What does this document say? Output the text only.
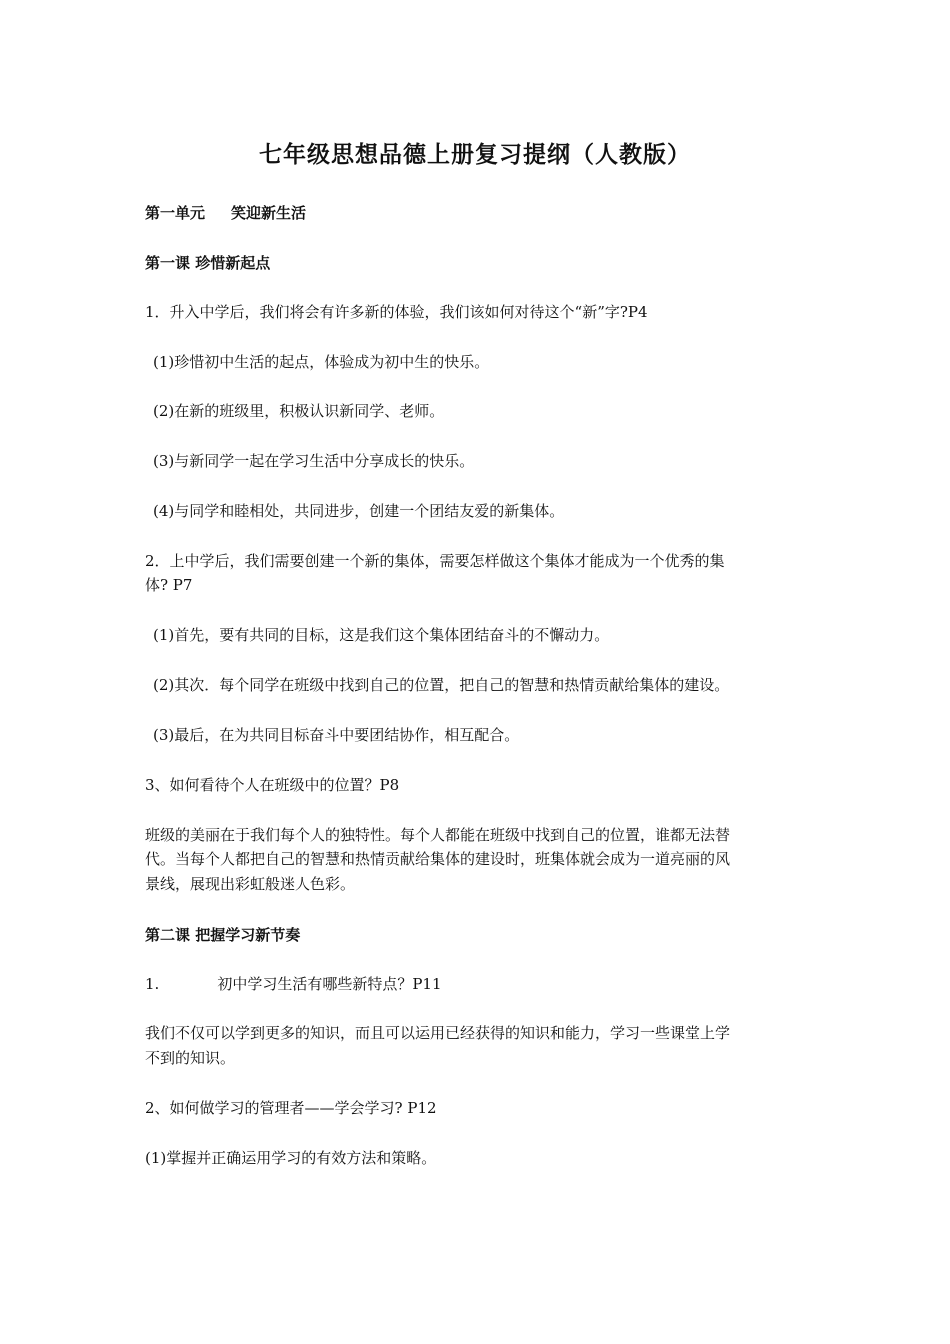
七年级思想品德上册复习提纲（人教版）
第一单元 笑迎新生活
第一课 珍惜新起点
1．升入中学后，我们将会有许多新的体验，我们该如何对待这个“新”字?P4
(1)珍惜初中生活的起点，体验成为初中生的快乐。
(2)在新的班级里，积极认识新同学、老师。
(3)与新同学一起在学习生活中分享成长的快乐。
(4)与同学和睦相处，共同进步，创建一个团结友爱的新集体。
2．上中学后，我们需要创建一个新的集体，需要怎样做这个集体才能成为一个优秀的集
体? P7
(1)首先，要有共同的目标，这是我们这个集体团结奋斗的不懈动力。
(2)其次．每个同学在班级中找到自己的位置，把自己的智慧和热情贡献给集体的建设。
(3)最后，在为共同目标奋斗中要团结协作，相互配合。
3、如何看待个人在班级中的位置？P8
班级的美丽在于我们每个人的独特性。每个人都能在班级中找到自己的位置，谁都无法替
代。当每个人都把自己的智慧和热情贡献给集体的建设时，班集体就会成为一道亮丽的风
景线，展现出彩虹般迷人色彩。
第二课 把握学习新节奏
1.	初中学习生活有哪些新特点？P11
我们不仅可以学到更多的知识，而且可以运用已经获得的知识和能力，学习一些课堂上学
不到的知识。
2、如何做学习的管理者——学会学习? P12
(1)掌握并正确运用学习的有效方法和策略。
